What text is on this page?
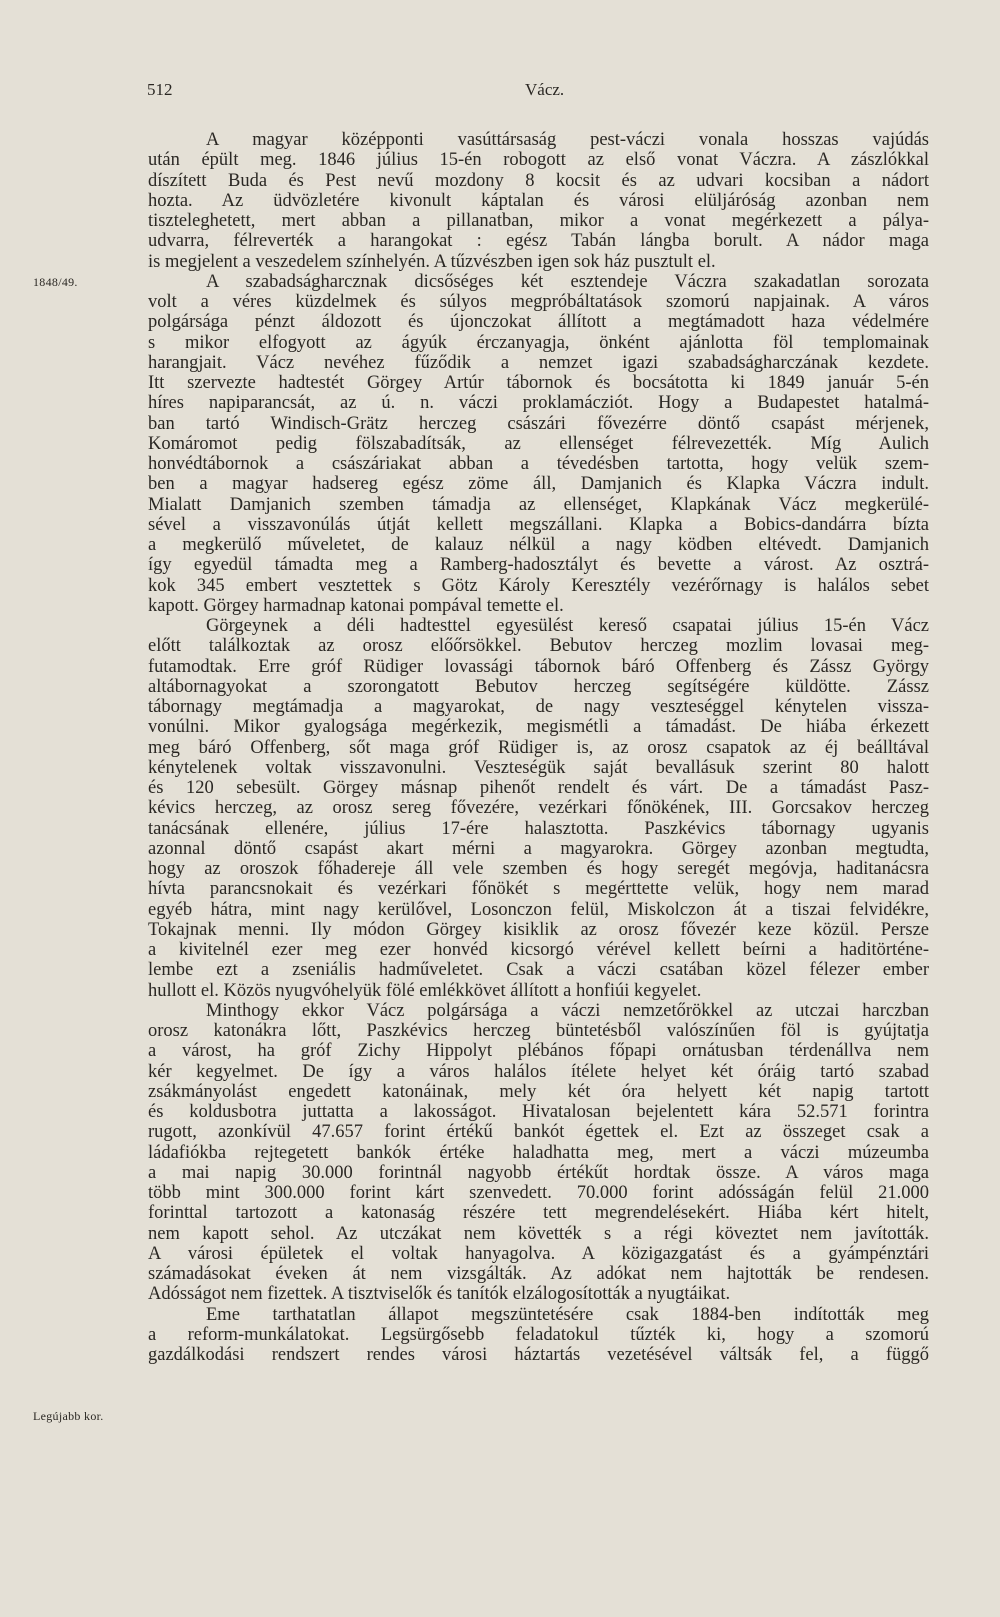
512	Vácz.
1848/49.
Legújabb kor.
A magyar középponti vasúttársaság pest-váczi vonala hosszas vajúdás
után épült meg. 1846 július 15-én robogott az első vonat Váczra. A zászlókkal
díszített Buda és Pest nevű mozdony 8 kocsit és az udvari kocsiban a nádort
hozta. Az üdvözletére kivonult káptalan és városi elüljáróság azonban nem
tiszteleghetett, mert abban a pillanatban, mikor a vonat megérkezett a pálya-
udvarra, félreverték a harangokat : egész Tabán lángba borult. A nádor maga
is megjelent a veszedelem színhelyén. A tűzvészben igen sok ház pusztult el.
A szabadságharcznak dicsőséges két esztendeje Váczra szakadatlan sorozata
volt a véres küzdelmek és súlyos megpróbáltatások szomorú napjainak. A város
polgársága pénzt áldozott és újonczokat állított a megtámadott haza védelmére
s mikor elfogyott az ágyúk érczanyagja, önként ajánlotta föl templomainak
harangjait. Vácz nevéhez fűződik a nemzet igazi szabadságharczának kezdete.
Itt szervezte hadtestét Görgey Artúr tábornok és bocsátotta ki 1849 január 5-én
híres napiparancsát, az ú. n. váczi proklamácziót. Hogy a Budapestet hatalmá-
ban tartó Windisch-Grätz herczeg császári fővezérre döntő csapást mérjenek,
Komáromot pedig fölszabadítsák, az ellenséget félrevezették. Míg Aulich
honvédtábornok a császáriakat abban a tévedésben tartotta, hogy velük szem-
ben a magyar hadsereg egész zöme áll, Damjanich és Klapka Váczra indult.
Mialatt Damjanich szemben támadja az ellenséget, Klapkának Vácz megkerülé-
sével a visszavonúlás útját kellett megszállani. Klapka a Bobics-dandárra bízta
a megkerülő műveletet, de kalauz nélkül a nagy ködben eltévedt. Damjanich
így egyedül támadta meg a Ramberg-hadosztályt és bevette a várost. Az osztrá-
kok 345 embert vesztettek s Götz Károly Keresztély vezérőrnagy is halálos sebet
kapott. Görgey harmadnap katonai pompával temette el.
Görgeynek a déli hadtesttel egyesülést kereső csapatai július 15-én Vácz
előtt találkoztak az orosz előőrsökkel. Bebutov herczeg mozlim lovasai meg-
futamodtak. Erre gróf Rüdiger lovassági tábornok báró Offenberg és Zássz György
altábornagyokat a szorongatott Bebutov herczeg segítségére küldötte. Zássz
tábornagy megtámadja a magyarokat, de nagy veszteséggel kénytelen vissza-
vonúlni. Mikor gyalogsága megérkezik, megismétli a támadást. De hiába érkezett
meg báró Offenberg, sőt maga gróf Rüdiger is, az orosz csapatok az éj beálltával
kénytelenek voltak visszavonulni. Veszteségük saját bevallásuk szerint 80 halott
és 120 sebesült. Görgey másnap pihenőt rendelt és várt. De a támadást Pasz-
kévics herczeg, az orosz sereg fővezére, vezérkari főnökének, III. Gorcsakov herczeg
tanácsának ellenére, július 17-ére halasztotta. Paszkévics tábornagy ugyanis
azonnal döntő csapást akart mérni a magyarokra. Görgey azonban megtudta,
hogy az oroszok főhadereje áll vele szemben és hogy seregét megóvja, haditanácsra
hívta parancsnokait és vezérkari főnökét s megérttette velük, hogy nem marad
egyéb hátra, mint nagy kerülővel, Losonczon felül, Miskolczon át a tiszai felvidékre,
Tokajnak menni. Ily módon Görgey kisiklik az orosz fővezér keze közül. Persze
a kivitelnél ezer meg ezer honvéd kicsorgó vérével kellett beírni a haditörténe-
lembe ezt a zseniális hadműveletet. Csak a váczi csatában közel félezer ember
hullott el. Közös nyugvóhelyük fölé emlékkövet állított a honfiúi kegyelet.
Minthogy ekkor Vácz polgársága a váczi nemzetőrökkel az utczai harczban
orosz katonákra lőtt, Paszkévics herczeg büntetésből valószínűen föl is gyújtatja
a várost, ha gróf Zichy Hippolyt plébános főpapi ornátusban térdenállva nem
kér kegyelmet. De így a város halálos ítélete helyet két óráig tartó szabad
zsákmányolást engedett katonáinak, mely két óra helyett két napig tartott
és koldusbotra juttatta a lakosságot. Hivatalosan bejelentett kára 52.571 forintra
rugott, azonkívül 47.657 forint értékű bankót égettek el. Ezt az összeget csak a
ládafiókba rejtegetett bankók értéke haladhatta meg, mert a váczi múzeumba
a mai napig 30.000 forintnál nagyobb értékűt hordtak össze. A város maga
több mint 300.000 forint kárt szenvedett. 70.000 forint adósságán felül 21.000
forinttal tartozott a katonaság részére tett megrendelésekért. Hiába kért hitelt,
nem kapott sehol. Az utczákat nem követték s a régi köveztet nem javították.
A városi épületek el voltak hanyagolva. A közigazgatást és a gyámpénztári
számadásokat éveken át nem vizsgálták. Az adókat nem hajtották be rendesen.
Adósságot nem fizettek. A tisztviselők és tanítók elzálogosították a nyugtáikat.
Eme tarthatatlan állapot megszüntetésére csak 1884-ben indították meg
a reform-munkálatokat. Legsürgősebb feladatokul tűzték ki, hogy a szomorú
gazdálkodási rendszert rendes városi háztartás vezetésével váltsák fel, a függő
